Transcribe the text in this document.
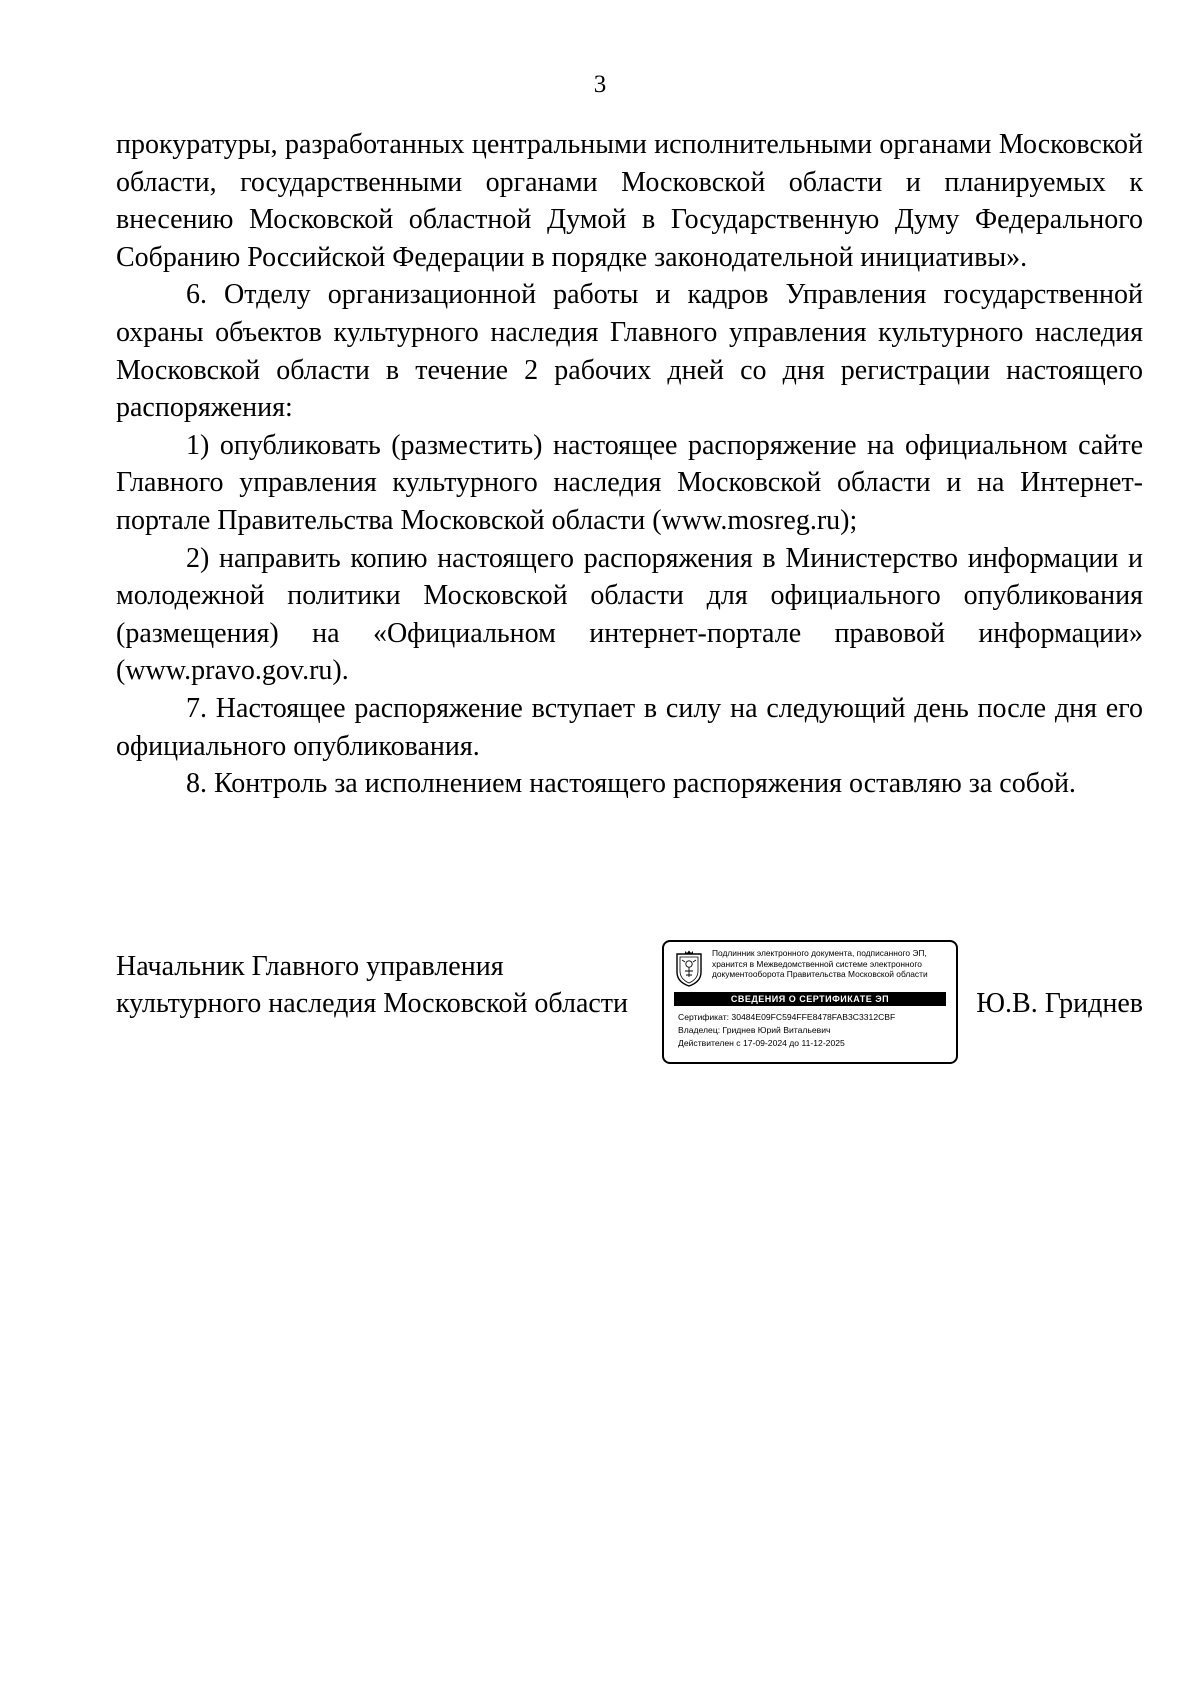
3

прокуратуры, разработанных центральными исполнительными органами Московской области, государственными органами Московской области и планируемых к внесению Московской областной Думой в Государственную Думу Федерального Собранию Российской Федерации в порядке законодательной инициативы».

6. Отделу организационной работы и кадров Управления государственной охраны объектов культурного наследия Главного управления культурного наследия Московской области в течение 2 рабочих дней со дня регистрации настоящего распоряжения:

1) опубликовать (разместить) настоящее распоряжение на официальном сайте Главного управления культурного наследия Московской области и на Интернет-портале Правительства Московской области (www.mosreg.ru);

2) направить копию настоящего распоряжения в Министерство информации и молодежной политики Московской области для официального опубликования (размещения) на «Официальном интернет-портале правовой информации» (www.pravo.gov.ru).

7. Настоящее распоряжение вступает в силу на следующий день после дня его официального опубликования.

8. Контроль за исполнением настоящего распоряжения оставляю за собой.

Начальник Главного управления
культурного наследия Московской области
Подлинник электронного документа, подписанного ЭП,
хранится в Межведомственной системе электронного
документооборота Правительства Московской области
СВЕДЕНИЯ О СЕРТИФИКАТЕ ЭП
Сертификат: 30484E09FC594FFE8478FAB3C3312CBF
Владелец: Гриднев Юрий Витальевич
Действителен с 17-09-2024 до 11-12-2025
Ю.В. Гриднев
